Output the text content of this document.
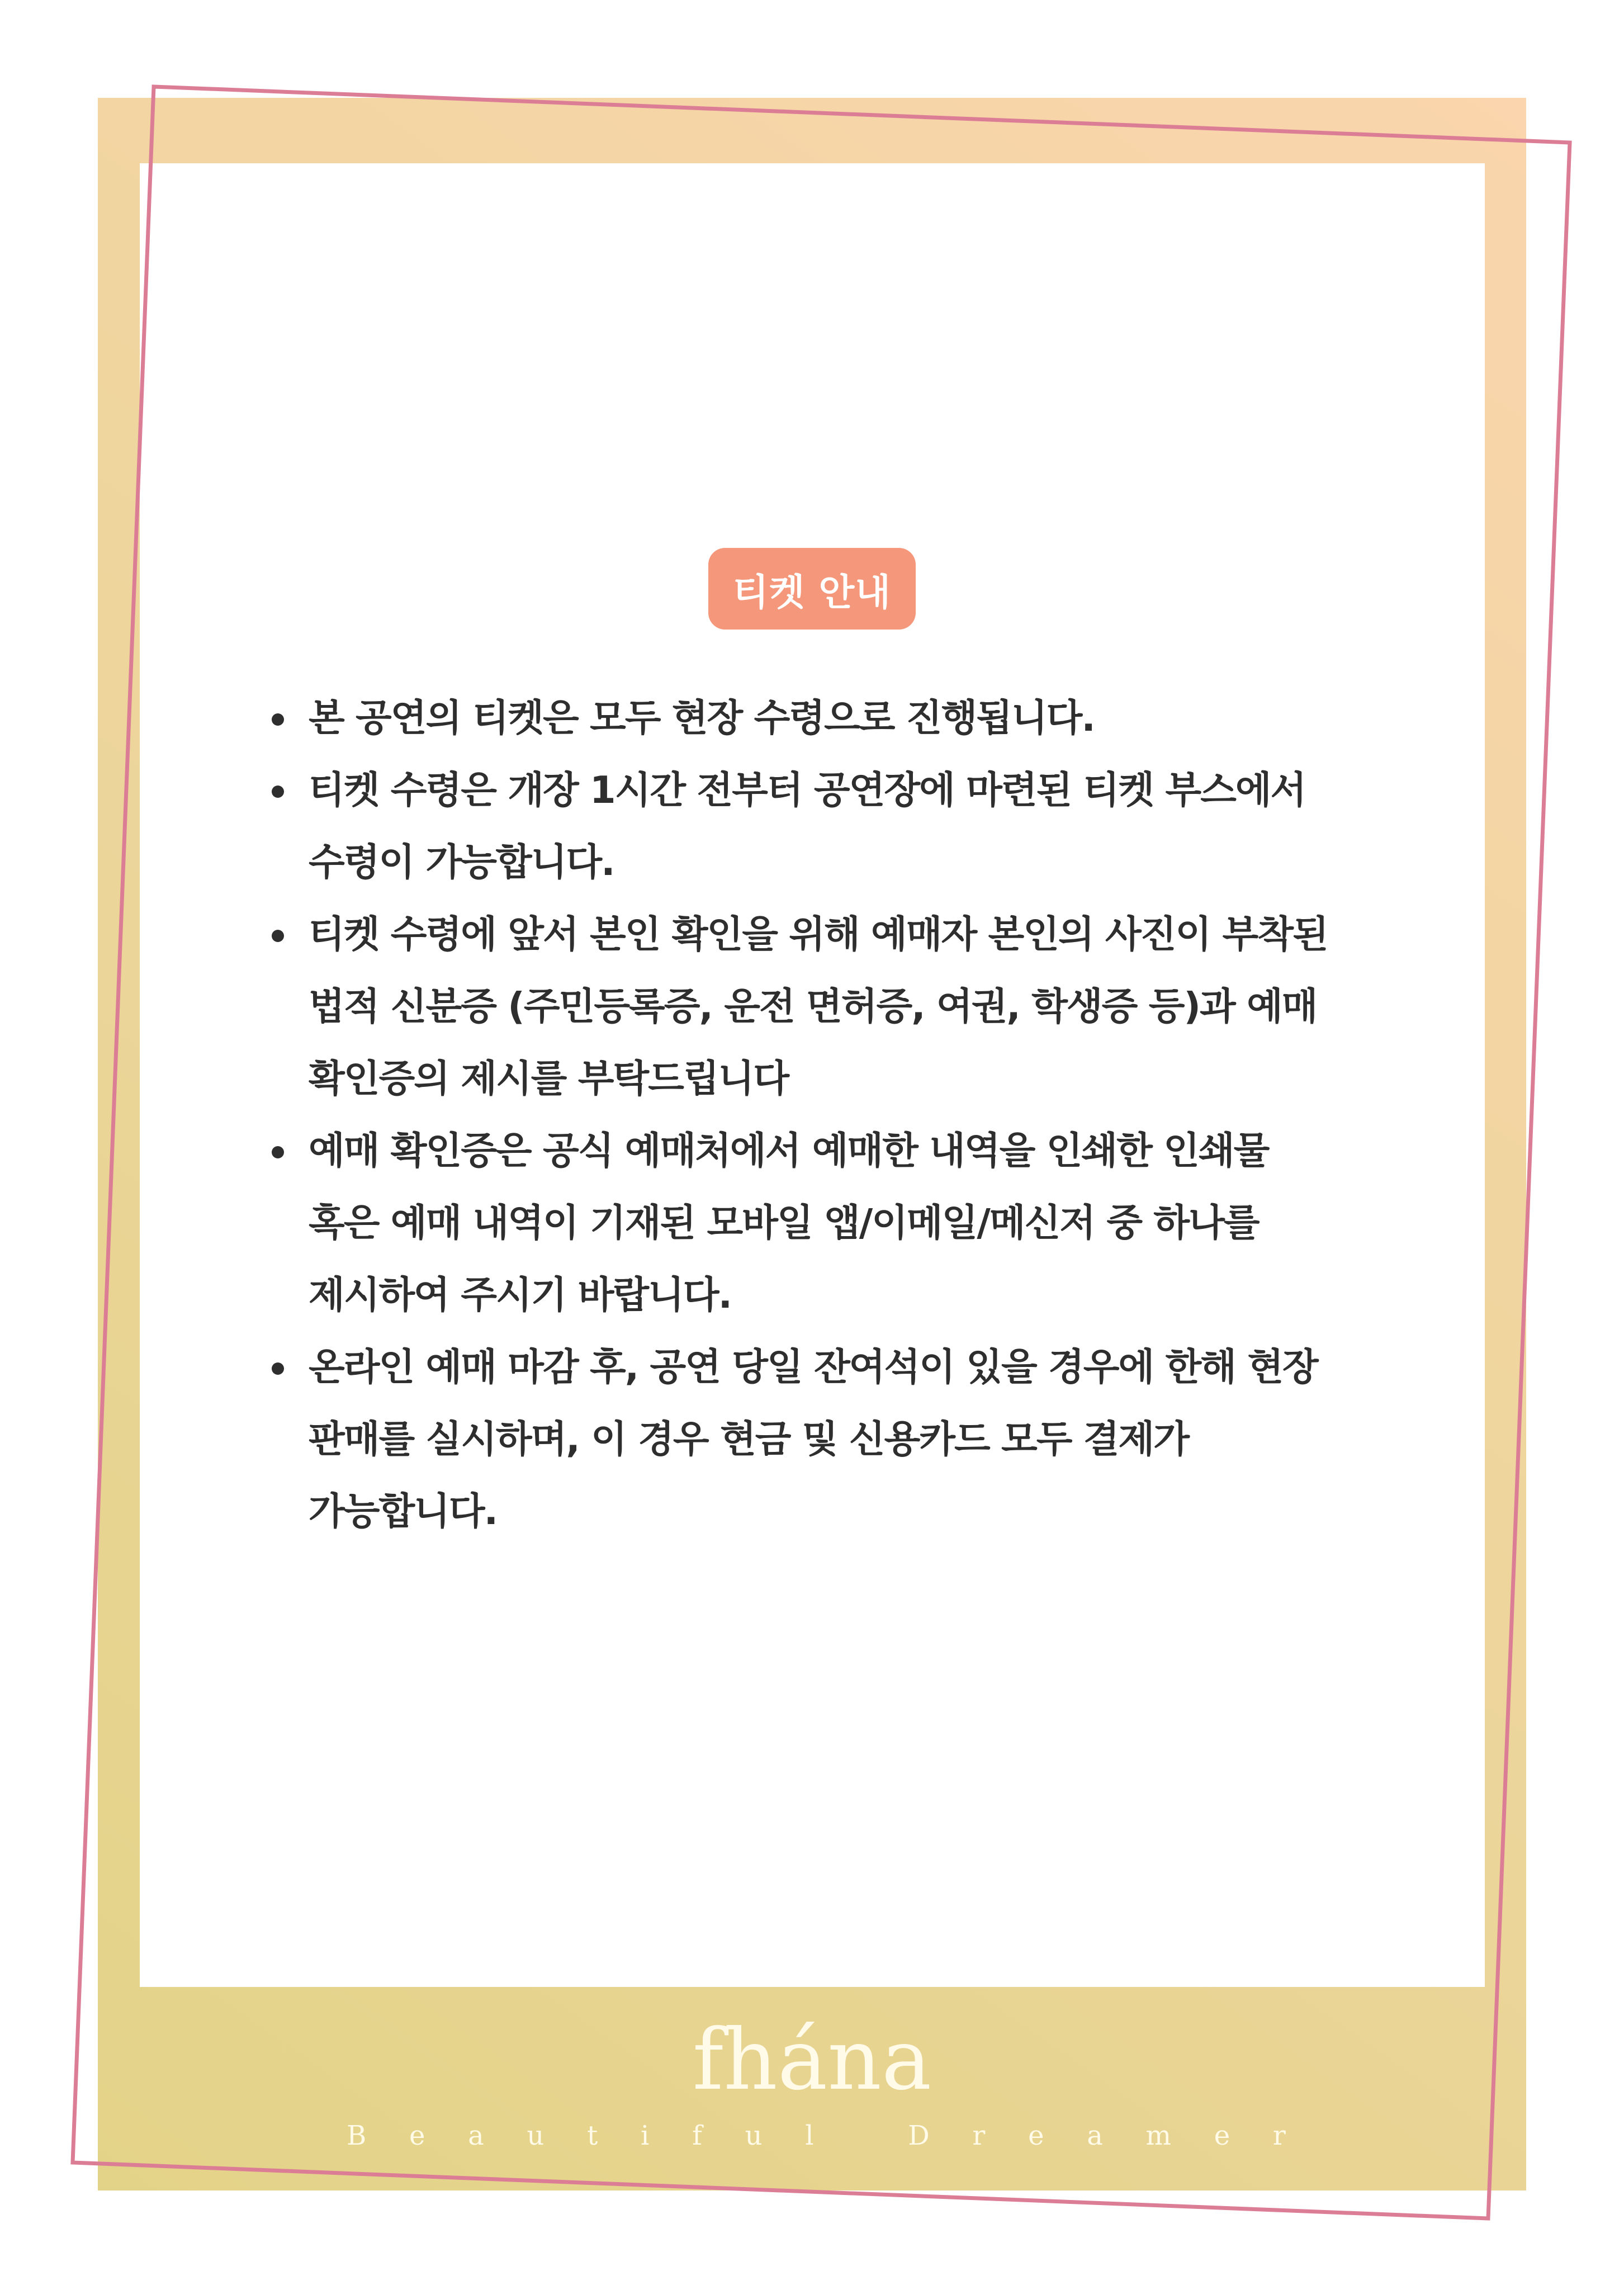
티켓 안내
본 공연의 티켓은 모두 현장 수령으로 진행됩니다.
티켓 수령은 개장 1시간 전부터 공연장에 마련된 티켓 부스에서
수령이 가능합니다.
티켓 수령에 앞서 본인 확인을 위해 예매자 본인의 사진이 부착된
법적 신분증 (주민등록증, 운전 면허증, 여권, 학생증 등)과 예매
확인증의 제시를 부탁드립니다
예매 확인증은 공식 예매처에서 예매한 내역을 인쇄한 인쇄물
혹은 예매 내역이 기재된 모바일 앱/이메일/메신저 중 하나를
제시하여 주시기 바랍니다.
온라인 예매 마감 후, 공연 당일 잔여석이 있을 경우에 한해 현장
판매를 실시하며, 이 경우 현금 및 신용카드 모두 결제가
가능합니다.
fhána
B e a u t i f u l
	D r e a m e r
